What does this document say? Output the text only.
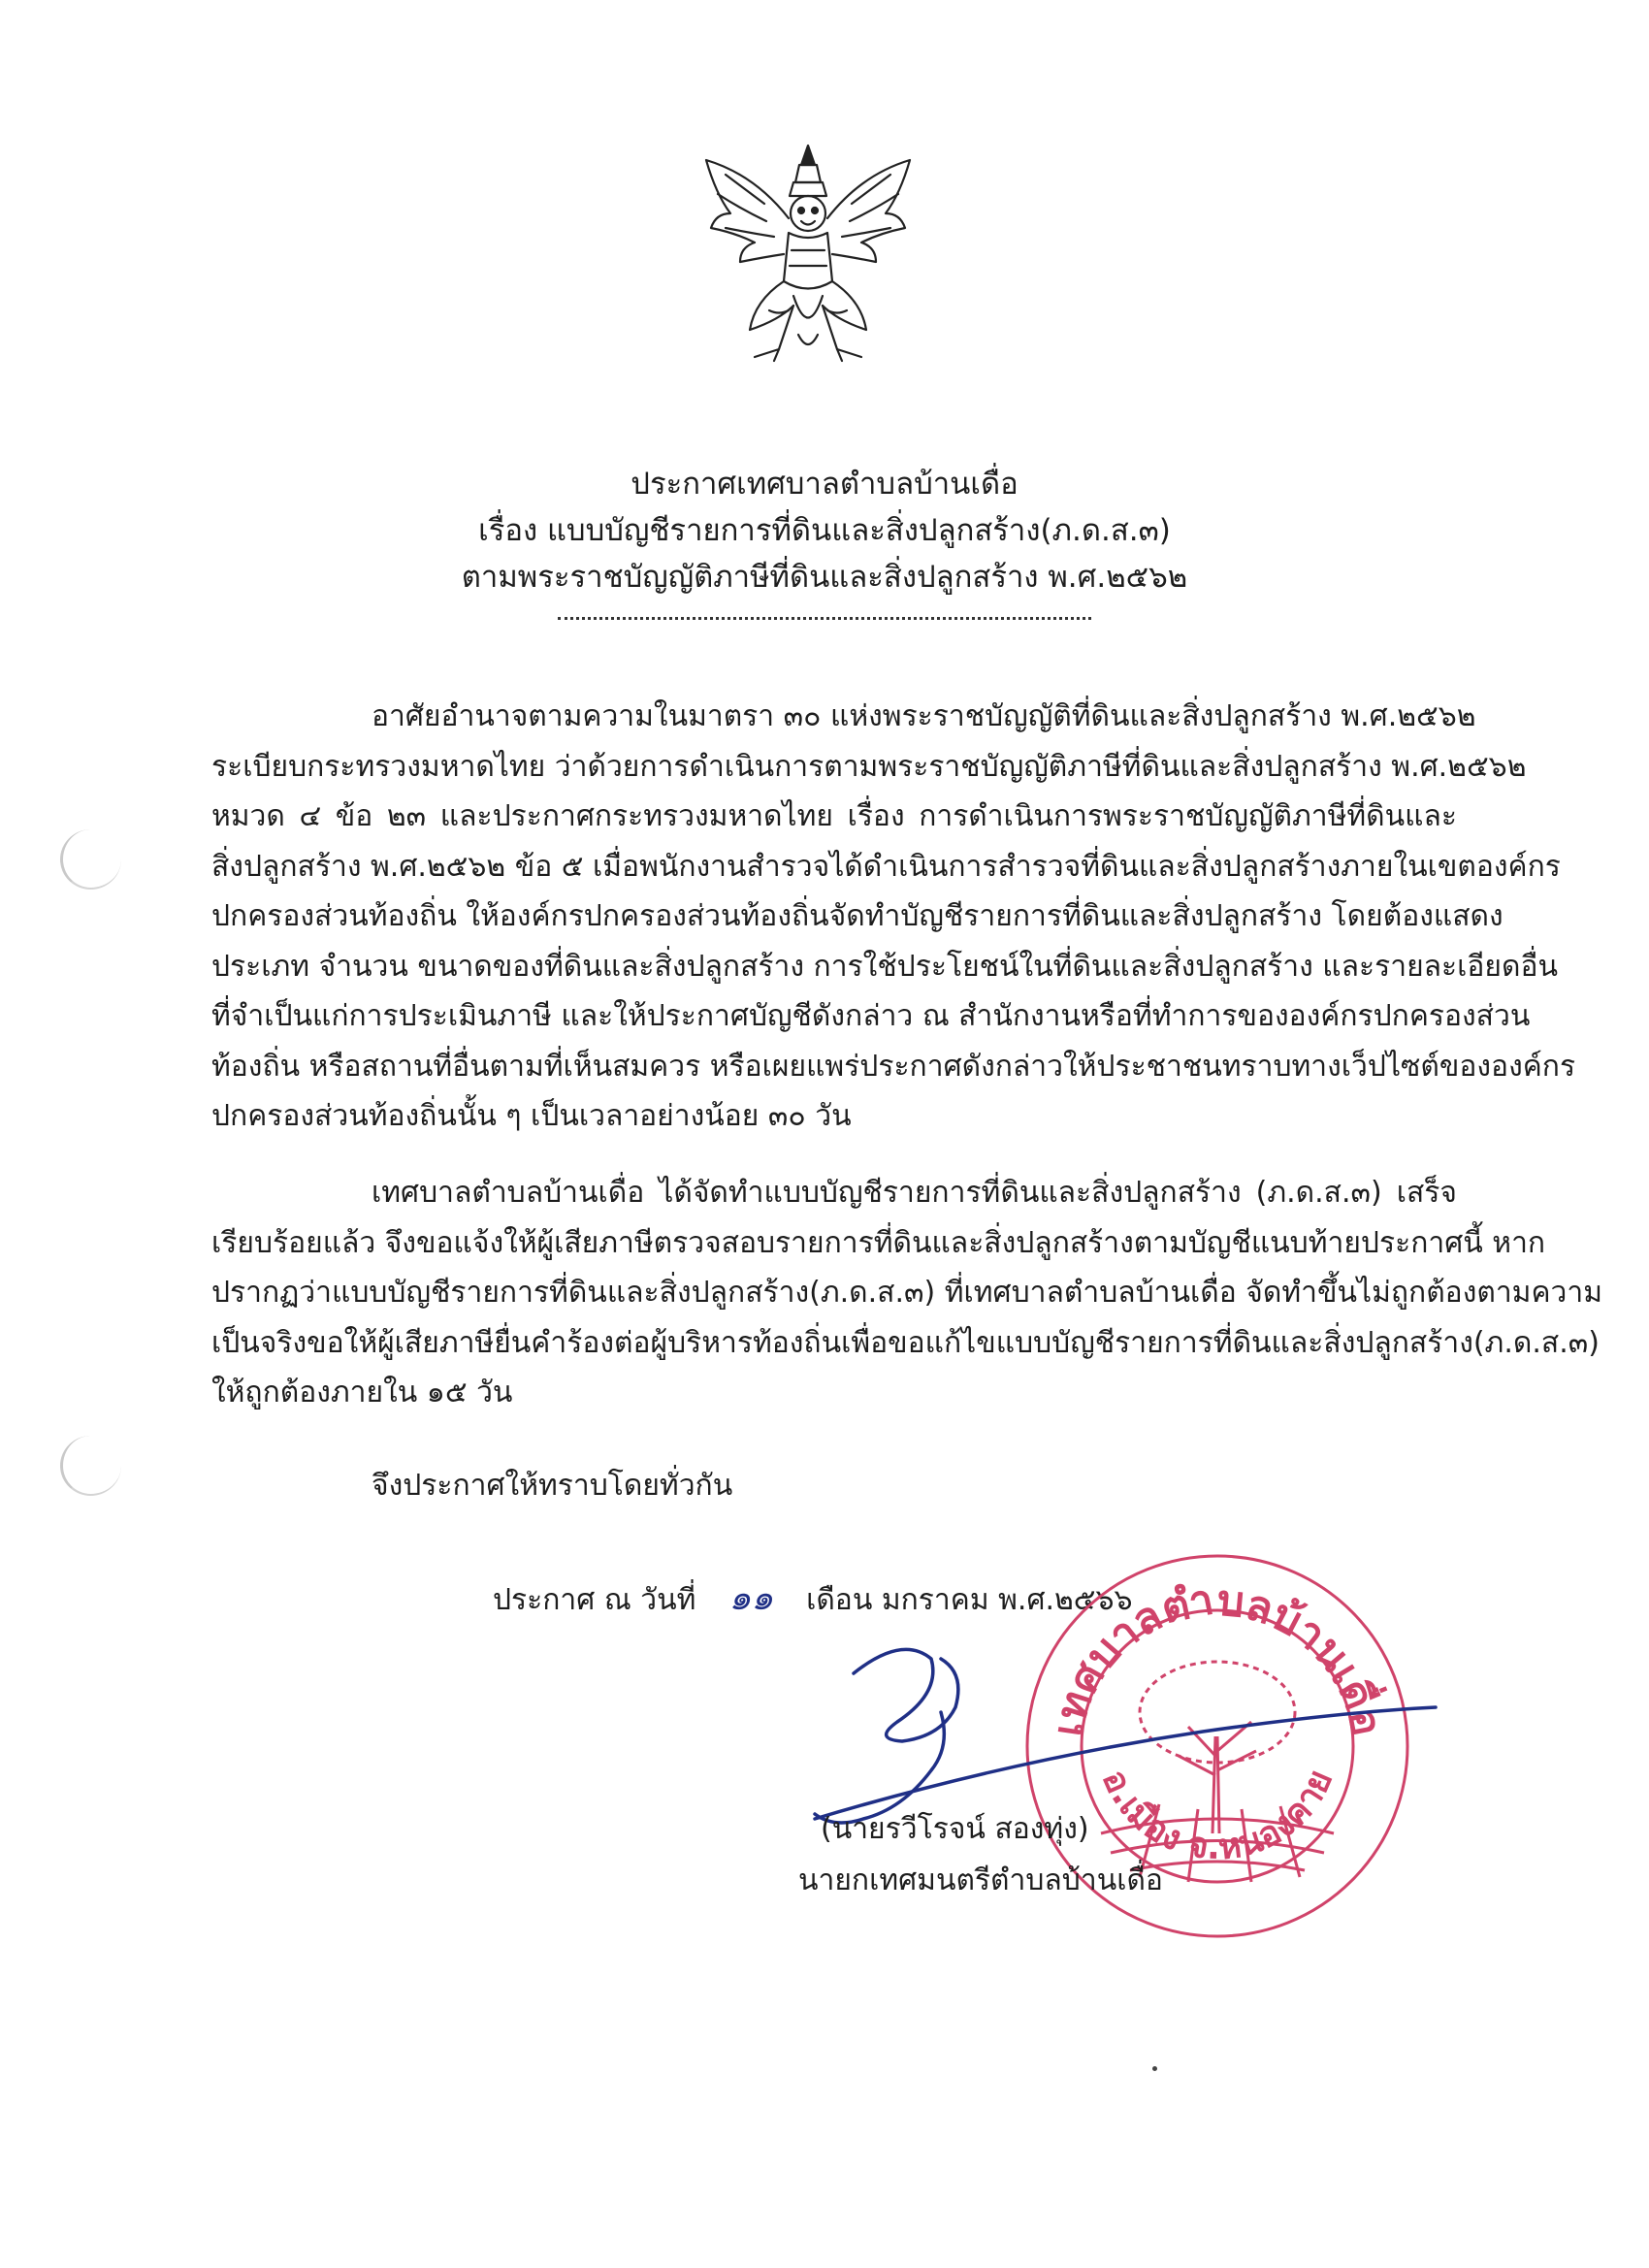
ประกาศเทศบาลตำบลบ้านเดื่อ
เรื่อง แบบบัญชีรายการที่ดินและสิ่งปลูกสร้าง(ภ.ด.ส.๓)
ตามพระราชบัญญัติภาษีที่ดินและสิ่งปลูกสร้าง พ.ศ.๒๕๖๒
อาศัยอำนาจตามความในมาตรา ๓๐ แห่งพระราชบัญญัติที่ดินและสิ่งปลูกสร้าง พ.ศ.๒๕๖๒
ระเบียบกระทรวงมหาดไทย ว่าด้วยการดำเนินการตามพระราชบัญญัติภาษีที่ดินและสิ่งปลูกสร้าง พ.ศ.๒๕๖๒
หมวด ๔ ข้อ ๒๓ และประกาศกระทรวงมหาดไทย เรื่อง การดำเนินการพระราชบัญญัติภาษีที่ดินและ
สิ่งปลูกสร้าง พ.ศ.๒๕๖๒ ข้อ ๕ เมื่อพนักงานสำรวจได้ดำเนินการสำรวจที่ดินและสิ่งปลูกสร้างภายในเขตองค์กร
ปกครองส่วนท้องถิ่น ให้องค์กรปกครองส่วนท้องถิ่นจัดทำบัญชีรายการที่ดินและสิ่งปลูกสร้าง โดยต้องแสดง
ประเภท จำนวน ขนาดของที่ดินและสิ่งปลูกสร้าง การใช้ประโยชน์ในที่ดินและสิ่งปลูกสร้าง และรายละเอียดอื่น
ที่จำเป็นแก่การประเมินภาษี และให้ประกาศบัญชีดังกล่าว ณ สำนักงานหรือที่ทำการขององค์กรปกครองส่วน
ท้องถิ่น หรือสถานที่อื่นตามที่เห็นสมควร หรือเผยแพร่ประกาศดังกล่าวให้ประชาชนทราบทางเว็ปไซต์ขององค์กร
ปกครองส่วนท้องถิ่นนั้น ๆ เป็นเวลาอย่างน้อย ๓๐ วัน
เทศบาลตำบลบ้านเดื่อ ได้จัดทำแบบบัญชีรายการที่ดินและสิ่งปลูกสร้าง (ภ.ด.ส.๓) เสร็จ
เรียบร้อยแล้ว จึงขอแจ้งให้ผู้เสียภาษีตรวจสอบรายการที่ดินและสิ่งปลูกสร้างตามบัญชีแนบท้ายประกาศนี้ หาก
ปรากฏว่าแบบบัญชีรายการที่ดินและสิ่งปลูกสร้าง(ภ.ด.ส.๓) ที่เทศบาลตำบลบ้านเดื่อ จัดทำขึ้นไม่ถูกต้องตามความ
เป็นจริงขอให้ผู้เสียภาษียื่นคำร้องต่อผู้บริหารท้องถิ่นเพื่อขอแก้ไขแบบบัญชีรายการที่ดินและสิ่งปลูกสร้าง(ภ.ด.ส.๓)
ให้ถูกต้องภายใน ๑๕ วัน
จึงประกาศให้ทราบโดยทั่วกัน
ประกาศ ณ วันที่ ๑๑ เดือน มกราคม พ.ศ.๒๕๖๖
เทศบาลตำบลบ้านเดื่อ
อ.เมือง จ.หนองคาย
(นายรวีโรจน์ สองทุ่ง)
นายกเทศมนตรีตำบลบ้านเดื่อ
